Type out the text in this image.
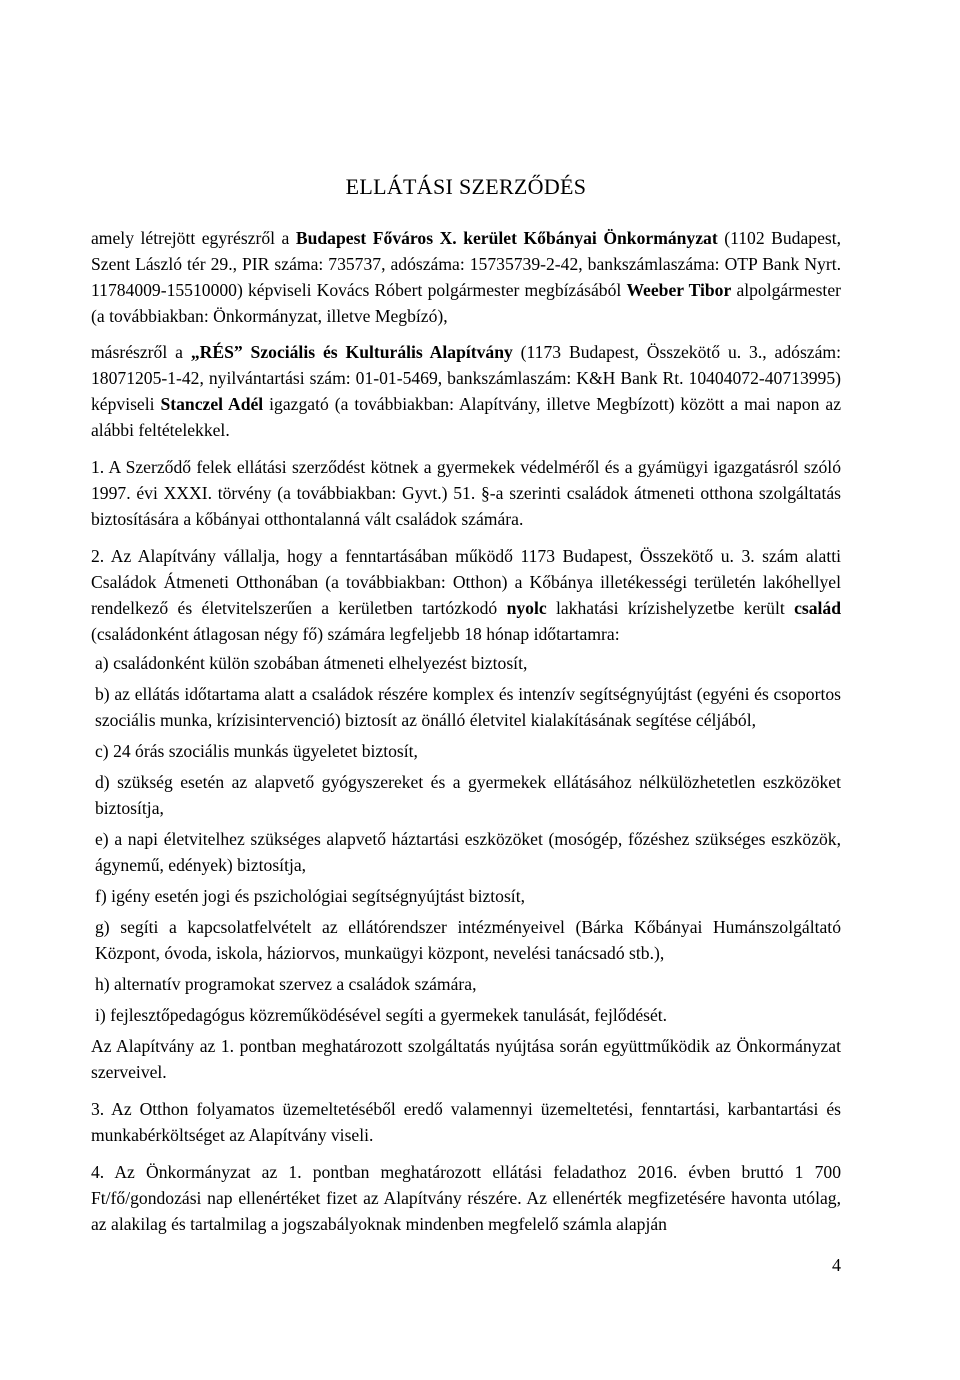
ELLÁTÁSI SZERZŐDÉS

amely létrejött egyrészről a Budapest Főváros X. kerület Kőbányai Önkormányzat (1102 Budapest, Szent László tér 29., PIR száma: 735737, adószáma: 15735739-2-42, bankszámlaszáma: OTP Bank Nyrt. 11784009-15510000) képviseli Kovács Róbert polgármester megbízásából Weeber Tibor alpolgármester (a továbbiakban: Önkormányzat, illetve Megbízó),

másrészről a „RÉS” Szociális és Kulturális Alapítvány (1173 Budapest, Összekötő u. 3., adószám: 18071205-1-42, nyilvántartási szám: 01-01-5469, bankszámlaszám: K&H Bank Rt. 10404072-40713995) képviseli Stanczel Adél igazgató (a továbbiakban: Alapítvány, illetve Megbízott) között a mai napon az alábbi feltételekkel.

1. A Szerződő felek ellátási szerződést kötnek a gyermekek védelméről és a gyámügyi igazgatásról szóló 1997. évi XXXI. törvény (a továbbiakban: Gyvt.) 51. §-a szerinti családok átmeneti otthona szolgáltatás biztosítására a kőbányai otthontalanná vált családok számára.

2. Az Alapítvány vállalja, hogy a fenntartásában működő 1173 Budapest, Összekötő u. 3. szám alatti Családok Átmeneti Otthonában (a továbbiakban: Otthon) a Kőbánya illetékességi területén lakóhellyel rendelkező és életvitelszerűen a kerületben tartózkodó nyolc lakhatási krízishelyzetbe került család (családonként átlagosan négy fő) számára legfeljebb 18 hónap időtartamra:

a) családonként külön szobában átmeneti elhelyezést biztosít,

b) az ellátás időtartama alatt a családok részére komplex és intenzív segítségnyújtást (egyéni és csoportos szociális munka, krízisintervenció) biztosít az önálló életvitel kialakításának segítése céljából,

c) 24 órás szociális munkás ügyeletet biztosít,

d) szükség esetén az alapvető gyógyszereket és a gyermekek ellátásához nélkülözhetetlen eszközöket biztosítja,

e) a napi életvitelhez szükséges alapvető háztartási eszközöket (mosógép, főzéshez szükséges eszközök, ágynemű, edények) biztosítja,

f) igény esetén jogi és pszichológiai segítségnyújtást biztosít,

g) segíti a kapcsolatfelvételt az ellátórendszer intézményeivel (Bárka Kőbányai Humánszolgáltató Központ, óvoda, iskola, háziorvos, munkaügyi központ, nevelési tanácsadó stb.),

h) alternatív programokat szervez a családok számára,

i) fejlesztőpedagógus közreműködésével segíti a gyermekek tanulását, fejlődését.

Az Alapítvány az 1. pontban meghatározott szolgáltatás nyújtása során együttműködik az Önkormányzat szerveivel.

3. Az Otthon folyamatos üzemeltetéséből eredő valamennyi üzemeltetési, fenntartási, karbantartási és munkabérköltséget az Alapítvány viseli.

4. Az Önkormányzat az 1. pontban meghatározott ellátási feladathoz 2016. évben bruttó 1 700 Ft/fő/gondozási nap ellenértéket fizet az Alapítvány részére. Az ellenérték megfizetésére havonta utólag, az alakilag és tartalmilag a jogszabályoknak mindenben megfelelő számla alapján

4
